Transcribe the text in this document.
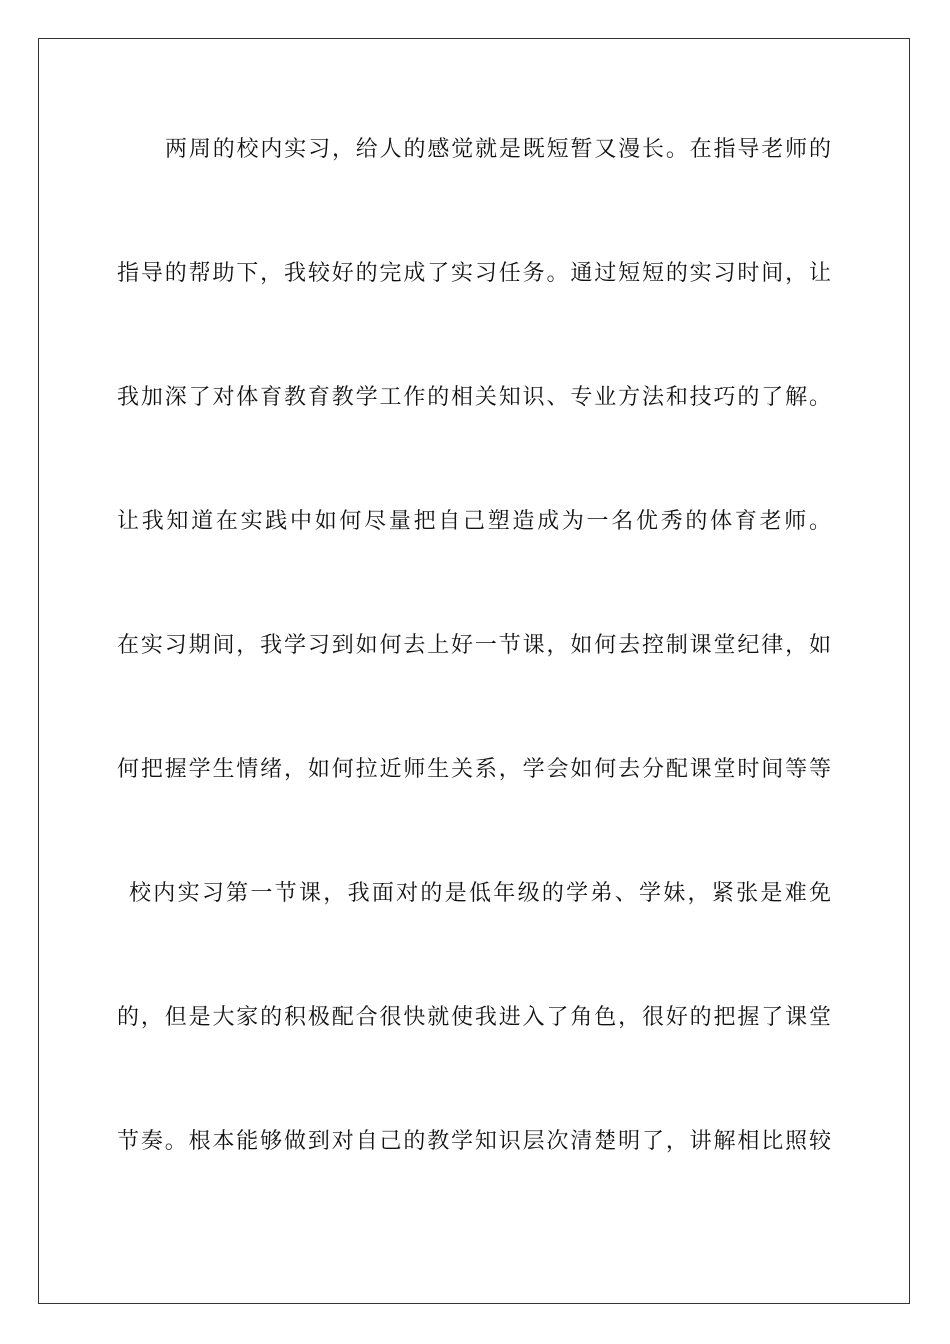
两周的校内实习，给人的感觉就是既短暂又漫长。在指导老师的
指导的帮助下，我较好的完成了实习任务。通过短短的实习时间，让
我加深了对体育教育教学工作的相关知识、专业方法和技巧的了解。
让我知道在实践中如何尽量把自己塑造成为一名优秀的体育老师。
在实习期间，我学习到如何去上好一节课，如何去控制课堂纪律，如
何把握学生情绪，如何拉近师生关系，学会如何去分配课堂时间等等
校内实习第一节课，我面对的是低年级的学弟、学妹，紧张是难免
的，但是大家的积极配合很快就使我进入了角色，很好的把握了课堂
节奏。根本能够做到对自己的教学知识层次清楚明了，讲解相比照较
